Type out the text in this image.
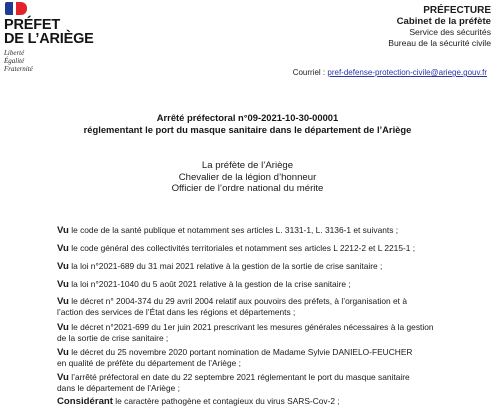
PRÉFET
DE L’ARIÈGE
Liberté
Égalité
Fraternité
PRÉFECTURE
Cabinet de la préfète
Service des sécurités
Bureau de la sécurité civile
Courriel : pref-defense-protection-civile@ariege.gouv.fr
Arrêté préfectoral n°09-2021-10-30-00001
réglementant le port du masque sanitaire dans le département de l’Ariège
La préfète de l’Ariège
Chevalier de la légion d’honneur
Officier de l’ordre national du mérite
Vu le code de la santé publique et notamment ses articles L. 3131-1, L. 3136-1 et suivants ;
Vu le code général des collectivités territoriales et notamment ses articles L 2212-2 et L 2215-1 ;
Vu la loi n°2021-689 du 31 mai 2021 relative à la gestion de la sortie de crise sanitaire ;
Vu la loi n°2021-1040 du 5 août 2021 relative à la gestion de la crise sanitaire ;
Vu le décret n° 2004-374 du 29 avril 2004 relatif aux pouvoirs des préfets, à l’organisation et à
l’action des services de l’État dans les régions et départements ;
Vu le décret n°2021-699 du 1er juin 2021 prescrivant les mesures générales nécessaires à la gestion
de la sortie de crise sanitaire ;
Vu le décret du 25 novembre 2020 portant nomination de Madame Sylvie DANIELO-FEUCHER
en qualité de préfète du département de l’Ariège ;
Vu l’arrêté préfectoral en date du 22 septembre 2021 réglementant le port du masque sanitaire
dans le département de l’Ariège ;
Considérant le caractère pathogène et contagieux du virus SARS-Cov-2 ;
